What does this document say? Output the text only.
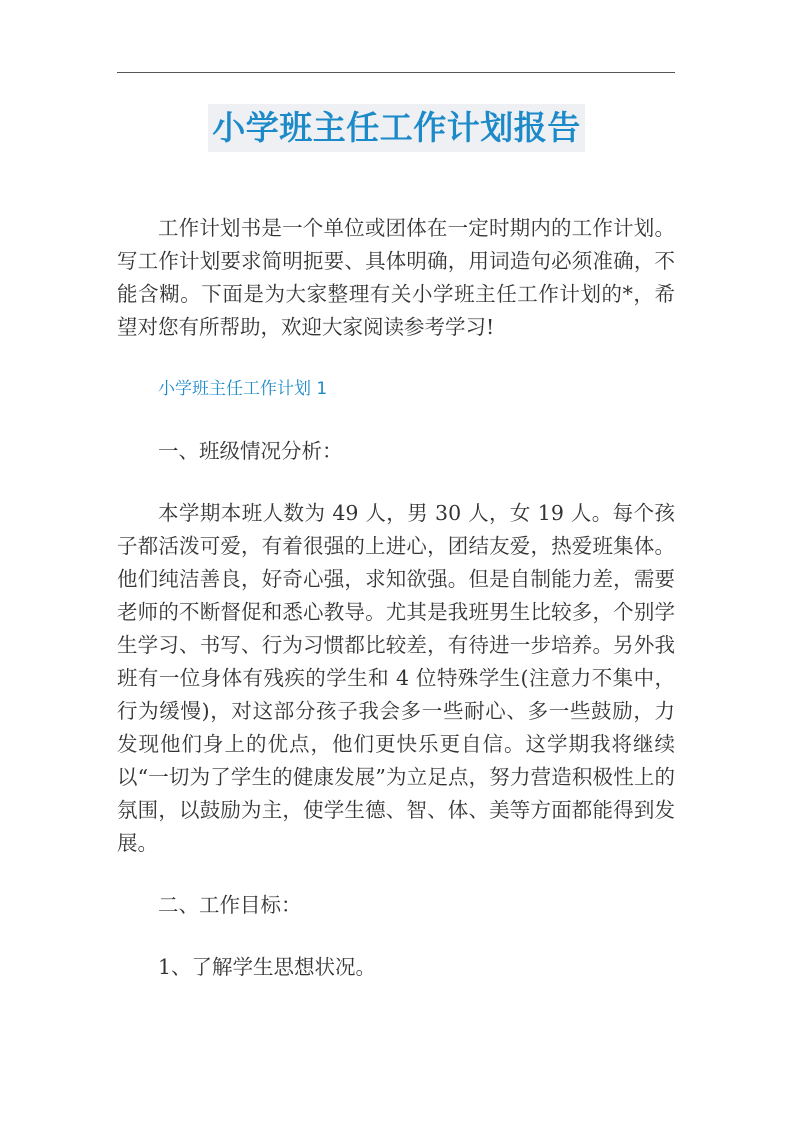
小学班主任工作计划报告

工作计划书是一个单位或团体在一定时期内的工作计划。写工作计划要求简明扼要、具体明确，用词造句必须准确，不能含糊。下面是为大家整理有关小学班主任工作计划的*，希望对您有所帮助，欢迎大家阅读参考学习!

小学班主任工作计划 1

一、班级情况分析：

本学期本班人数为 49 人，男 30 人，女 19 人。每个孩子都活泼可爱，有着很强的上进心，团结友爱，热爱班集体。他们纯洁善良，好奇心强，求知欲强。但是自制能力差，需要老师的不断督促和悉心教导。尤其是我班男生比较多，个别学生学习、书写、行为习惯都比较差，有待进一步培养。另外我班有一位身体有残疾的学生和 4 位特殊学生(注意力不集中，行为缓慢)，对这部分孩子我会多一些耐心、多一些鼓励，力发现他们身上的优点，他们更快乐更自信。这学期我将继续以“一切为了学生的健康发展”为立足点，努力营造积极性上的氛围，以鼓励为主，使学生德、智、体、美等方面都能得到发展。

二、工作目标：

1、了解学生思想状况。
